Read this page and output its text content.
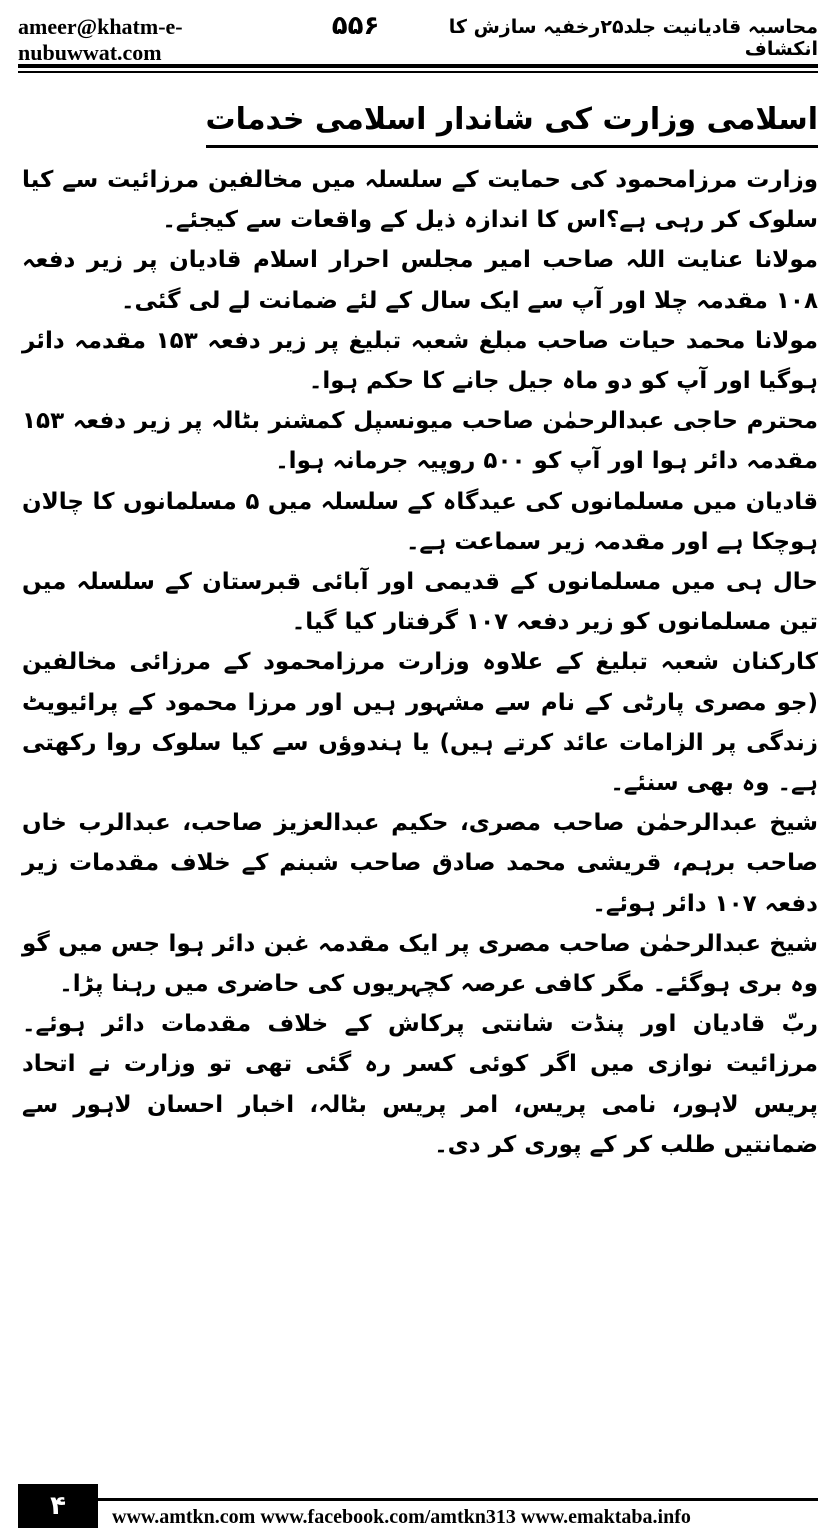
ameer@khatm-e-nubuwwat.com
۵۵۶	محاسبہ قادیانیت جلد۲۵رخفیہ سازش کا انکشاف
اسلامی وزارت کی شاندار اسلامی خدمات

وزارت مرزامحمود کی حمایت کے سلسلہ میں مخالفین مرزائیت سے کیا سلوک کر رہی ہے؟اس کا اندازہ ذیل کے واقعات سے کیجئے۔

مولانا عنایت اللہ صاحب امیر مجلس احرار اسلام قادیان پر زیر دفعہ ۱۰۸ مقدمہ چلا اور آپ سے ایک سال کے لئے ضمانت لے لی گئی۔

مولانا محمد حیات صاحب مبلغ شعبہ تبلیغ پر زیر دفعہ ۱۵۳ مقدمہ دائر ہوگیا اور آپ کو دو ماہ جیل جانے کا حکم ہوا۔

محترم حاجی عبدالرحمٰن صاحب میونسپل کمشنر بٹالہ پر زیر دفعہ ۱۵۳ مقدمہ دائر ہوا اور آپ کو ۵۰۰ روپیہ جرمانہ ہوا۔

قادیان میں مسلمانوں کی عیدگاہ کے سلسلہ میں ۵ مسلمانوں کا چالان ہوچکا ہے اور مقدمہ زیر سماعت ہے۔

حال ہی میں مسلمانوں کے قدیمی اور آبائی قبرستان کے سلسلہ میں تین مسلمانوں کو زیر دفعہ ۱۰۷ گرفتار کیا گیا۔

کارکنان شعبہ تبلیغ کے علاوہ وزارت مرزامحمود کے مرزائی مخالفین (جو مصری پارٹی کے نام سے مشہور ہیں اور مرزا محمود کے پرائیویٹ زندگی پر الزامات عائد کرتے ہیں) یا ہندوؤں سے کیا سلوک روا رکھتی ہے۔ وہ بھی سنئے۔

شیخ عبدالرحمٰن صاحب مصری، حکیم عبدالعزیز صاحب، عبدالرب خاں صاحب برہم، قریشی محمد صادق صاحب شبنم کے خلاف مقدمات زیر دفعہ ۱۰۷ دائر ہوئے۔

شیخ عبدالرحمٰن صاحب مصری پر ایک مقدمہ غبن دائر ہوا جس میں گو وہ بری ہوگئے۔ مگر کافی عرصہ کچہریوں کی حاضری میں رہنا پڑا۔

ربّ قادیان اور پنڈت شانتی پرکاش کے خلاف مقدمات دائر ہوئے۔ مرزائیت نوازی میں اگر کوئی کسر رہ گئی تھی تو وزارت نے اتحاد پریس لاہور، نامی پریس، امر پریس بٹالہ، اخبار احسان لاہور سے ضمانتیں طلب کر کے پوری کر دی۔

۴	www.amtkn.com www.facebook.com/amtkn313 www.emaktaba.info
